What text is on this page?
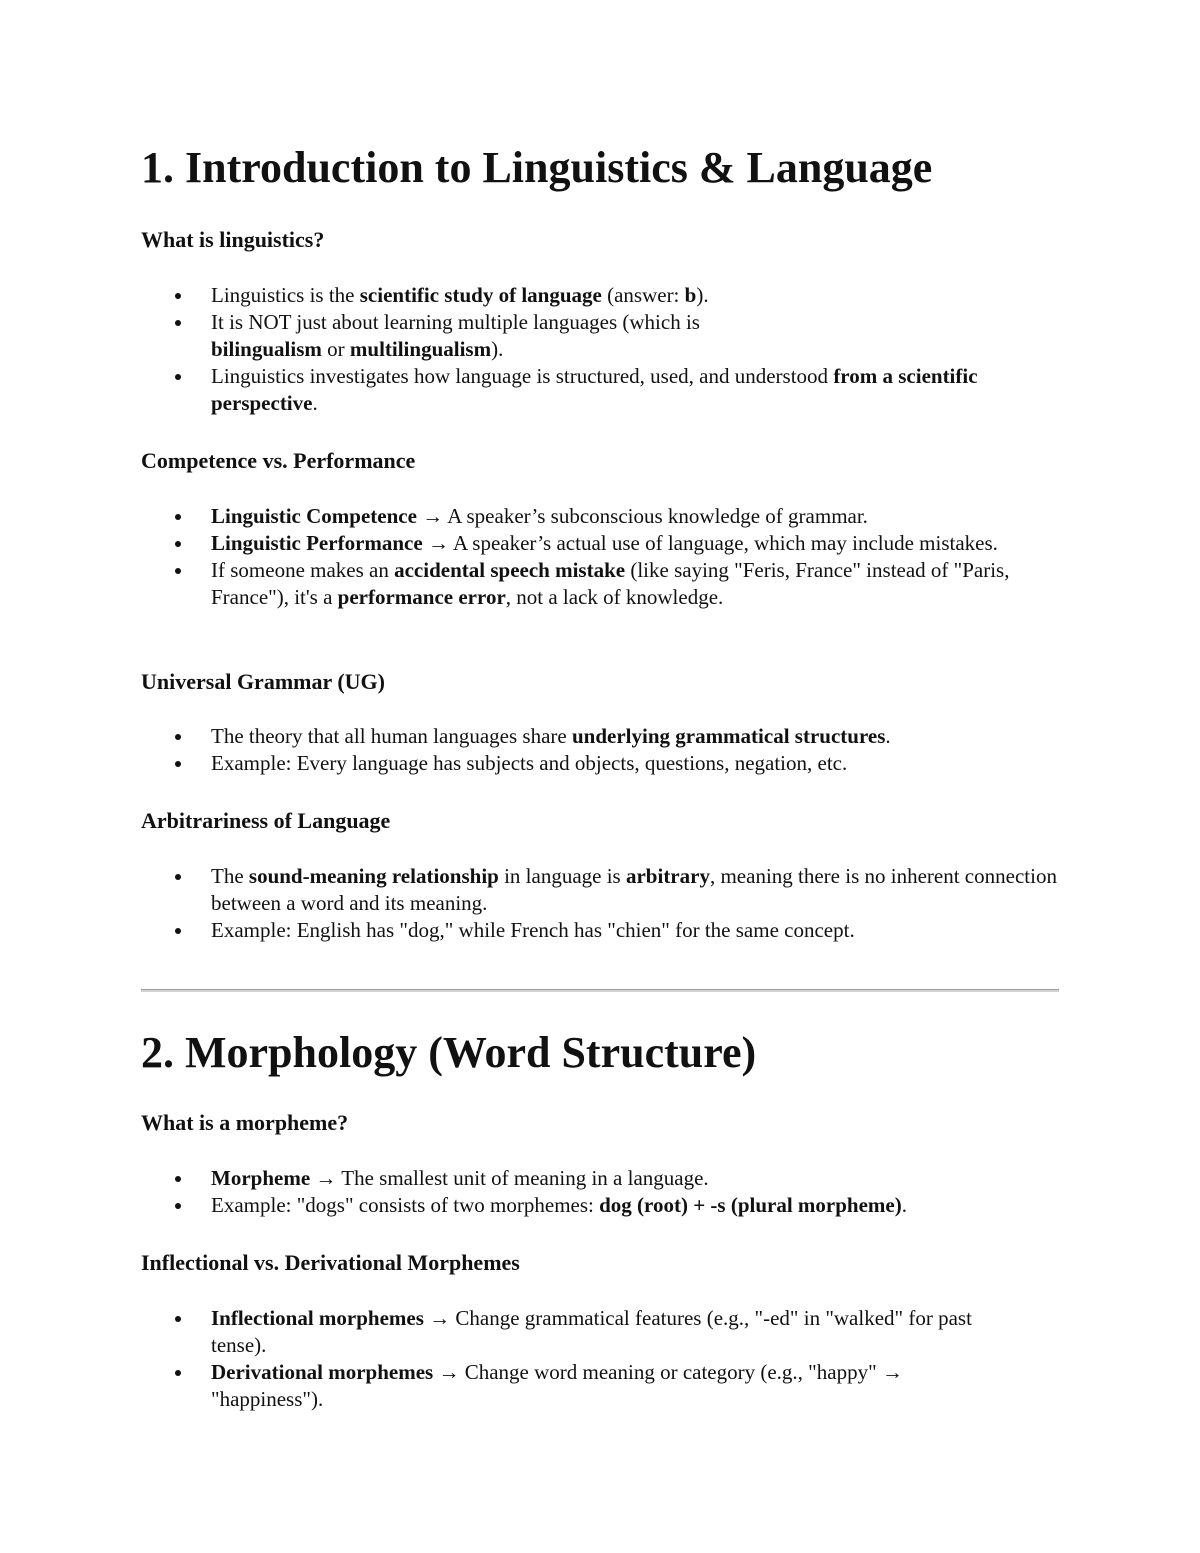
1. Introduction to Linguistics & Language
What is linguistics?
Linguistics is the scientific study of language (answer: b).
It is NOT just about learning multiple languages (which is bilingualism or multilingualism).
Linguistics investigates how language is structured, used, and understood from a scientific perspective.
Competence vs. Performance
Linguistic Competence → A speaker’s subconscious knowledge of grammar.
Linguistic Performance → A speaker’s actual use of language, which may include mistakes.
If someone makes an accidental speech mistake (like saying "Feris, France" instead of "Paris, France"), it's a performance error, not a lack of knowledge.
Universal Grammar (UG)
The theory that all human languages share underlying grammatical structures.
Example: Every language has subjects and objects, questions, negation, etc.
Arbitrariness of Language
The sound-meaning relationship in language is arbitrary, meaning there is no inherent connection between a word and its meaning.
Example: English has "dog," while French has "chien" for the same concept.
2. Morphology (Word Structure)
What is a morpheme?
Morpheme → The smallest unit of meaning in a language.
Example: "dogs" consists of two morphemes: dog (root) + -s (plural morpheme).
Inflectional vs. Derivational Morphemes
Inflectional morphemes → Change grammatical features (e.g., "-ed" in "walked" for past tense).
Derivational morphemes → Change word meaning or category (e.g., "happy" → "happiness").
